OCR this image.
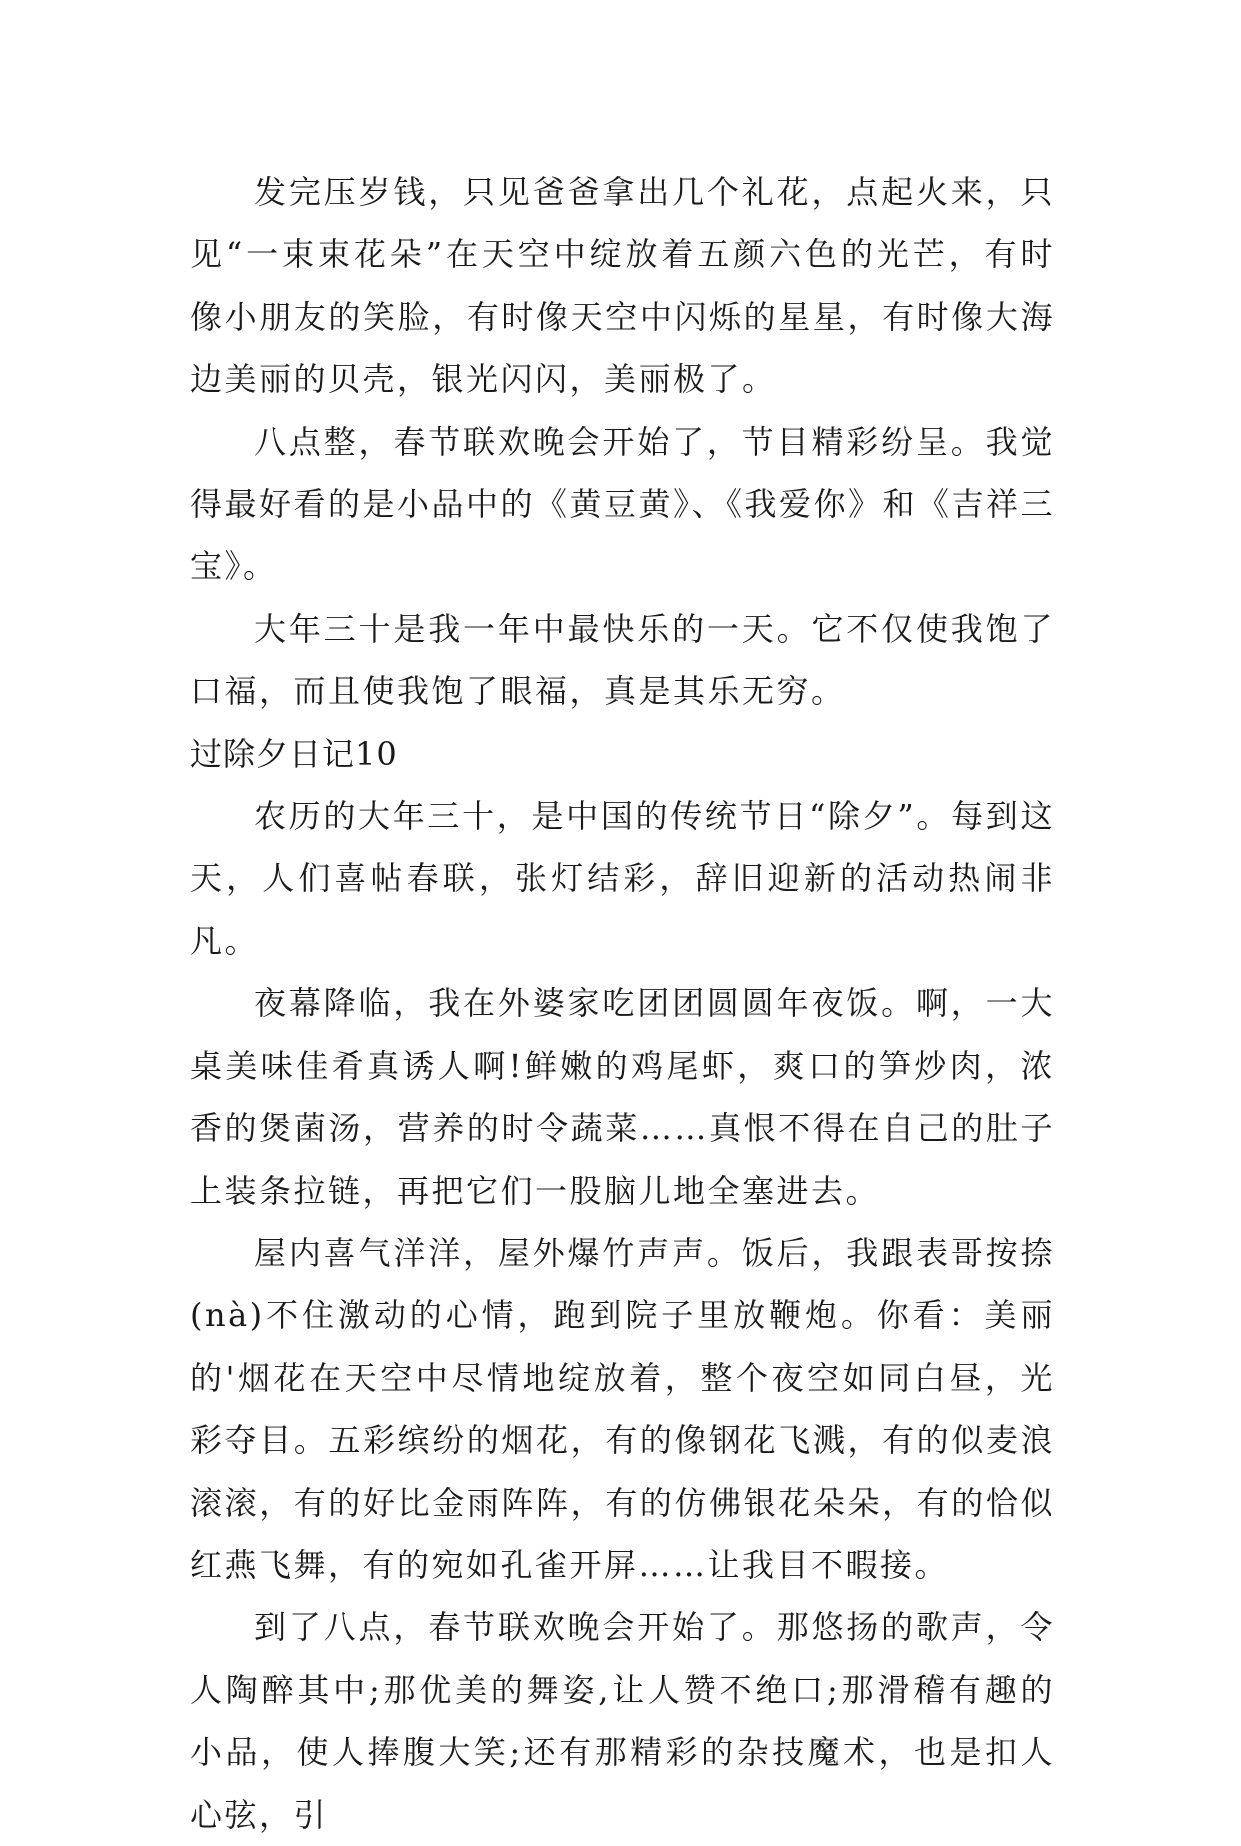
发完压岁钱，只见爸爸拿出几个礼花，点起火来，只见“一束束花朵”在天空中绽放着五颜六色的光芒，有时像小朋友的笑脸，有时像天空中闪烁的星星，有时像大海边美丽的贝壳，银光闪闪，美丽极了。

八点整，春节联欢晚会开始了，节目精彩纷呈。我觉得最好看的是小品中的《黄豆黄》、《我爱你》和《吉祥三宝》。

大年三十是我一年中最快乐的一天。它不仅使我饱了口福，而且使我饱了眼福，真是其乐无穷。

过除夕日记10

农历的大年三十，是中国的传统节日“除夕”。每到这天，人们喜帖春联，张灯结彩，辞旧迎新的活动热闹非凡。

夜幕降临，我在外婆家吃团团圆圆年夜饭。啊，一大桌美味佳肴真诱人啊!鲜嫩的鸡尾虾，爽口的笋炒肉，浓香的煲菌汤，营养的时令蔬菜……真恨不得在自己的肚子上装条拉链，再把它们一股脑儿地全塞进去。

屋内喜气洋洋，屋外爆竹声声。饭后，我跟表哥按捺(nà)不住激动的心情，跑到院子里放鞭炮。你看：美丽的'烟花在天空中尽情地绽放着，整个夜空如同白昼，光彩夺目。五彩缤纷的烟花，有的像钢花飞溅，有的似麦浪滚滚，有的好比金雨阵阵，有的仿佛银花朵朵，有的恰似红燕飞舞，有的宛如孔雀开屏……让我目不暇接。

到了八点，春节联欢晚会开始了。那悠扬的歌声，令人陶醉其中;那优美的舞姿,让人赞不绝口;那滑稽有趣的小品，使人捧腹大笑;还有那精彩的杂技魔术，也是扣人心弦，引
